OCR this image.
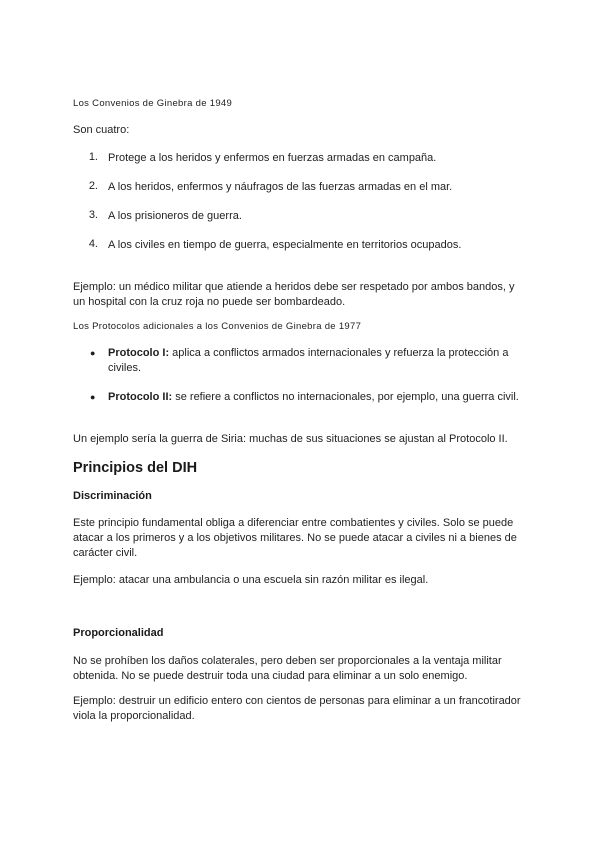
Los Convenios de Ginebra de 1949

Son cuatro:

1. Protege a los heridos y enfermos en fuerzas armadas en campaña.
2. A los heridos, enfermos y náufragos de las fuerzas armadas en el mar.
3. A los prisioneros de guerra.
4. A los civiles en tiempo de guerra, especialmente en territorios ocupados.

Ejemplo: un médico militar que atiende a heridos debe ser respetado por ambos bandos, y

un hospital con la cruz roja no puede ser bombardeado.

Los Protocolos adicionales a los Convenios de Ginebra de 1977

● Protocolo I: aplica a conflictos armados internacionales y refuerza la protección a
civiles.
● Protocolo II: se refiere a conflictos no internacionales, por ejemplo, una guerra civil.

Un ejemplo sería la guerra de Siria: muchas de sus situaciones se ajustan al Protocolo II.

Principios del DIH

Discriminación

Este principio fundamental obliga a diferenciar entre combatientes y civiles. Solo se puede

atacar a los primeros y a los objetivos militares. No se puede atacar a civiles ni a bienes de

carácter civil.

Ejemplo: atacar una ambulancia o una escuela sin razón militar es ilegal.

Proporcionalidad

No se prohíben los daños colaterales, pero deben ser proporcionales a la ventaja militar

obtenida. No se puede destruir toda una ciudad para eliminar a un solo enemigo.

Ejemplo: destruir un edificio entero con cientos de personas para eliminar a un francotirador

viola la proporcionalidad.
